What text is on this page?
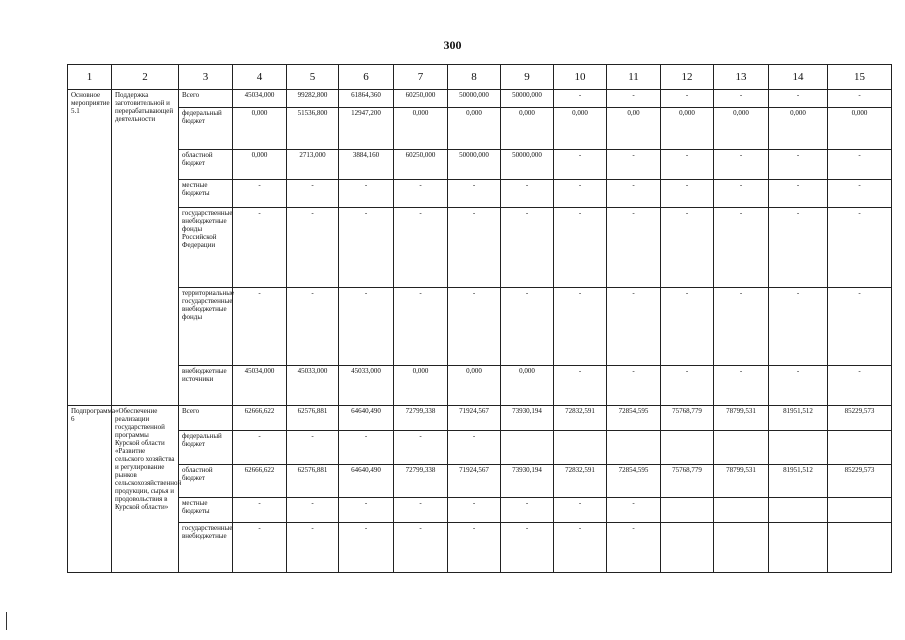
300
1	2	3	4	5	6	7	8	9	10	11	12	13	14	15
Основное мероприятие 5.1	Поддержка заготовительной и перерабатывающей деятельности	Всего	45034,000	99282,800	61864,360	60250,000	50000,000	50000,000	-	-	-	-	-	-
		федеральный бюджет	0,000	51536,800	12947,200	0,000	0,000	0,000	0,000	0,00	0,000	0,000	0,000	0,000
		областной бюджет	0,000	2713,000	3884,160	60250,000	50000,000	50000,000	-	-	-	-	-	-
		местные бюджеты	-	-	-	-	-	-	-	-	-	-	-	-
		государственные внебюджетные фонды Российской Федерации	-	-	-	-	-	-	-	-	-	-	-	-
		территориальные государственные внебюджетные фонды	-	-	-	-	-	-	-	-	-	-	-	-
		внебюджетные источники	45034,000	45033,000	45033,000	0,000	0,000	0,000	-	-	-	-	-	-
Подпрограмма 6	«Обеспечение реализации государственной программы Курской области «Развитие сельского хозяйства и регулирование рынков сельскохозяйственной продукции, сырья и продовольствия в Курской области»	Всего	62666,622	62576,881	64640,490	72799,338	71924,567	73930,194	72832,591	72854,595	75768,779	78799,531	81951,512	85229,573
		федеральный бюджет	-	-	-	-	-							
		областной бюджет	62666,622	62576,881	64640,490	72799,338	71924,567	73930,194	72832,591	72854,595	75768,779	78799,531	81951,512	85229,573
		местные бюджеты	-	-	-	-	-	-	-	-				
		государственные внебюджетные	-	-	-	-	-	-	-	-				
